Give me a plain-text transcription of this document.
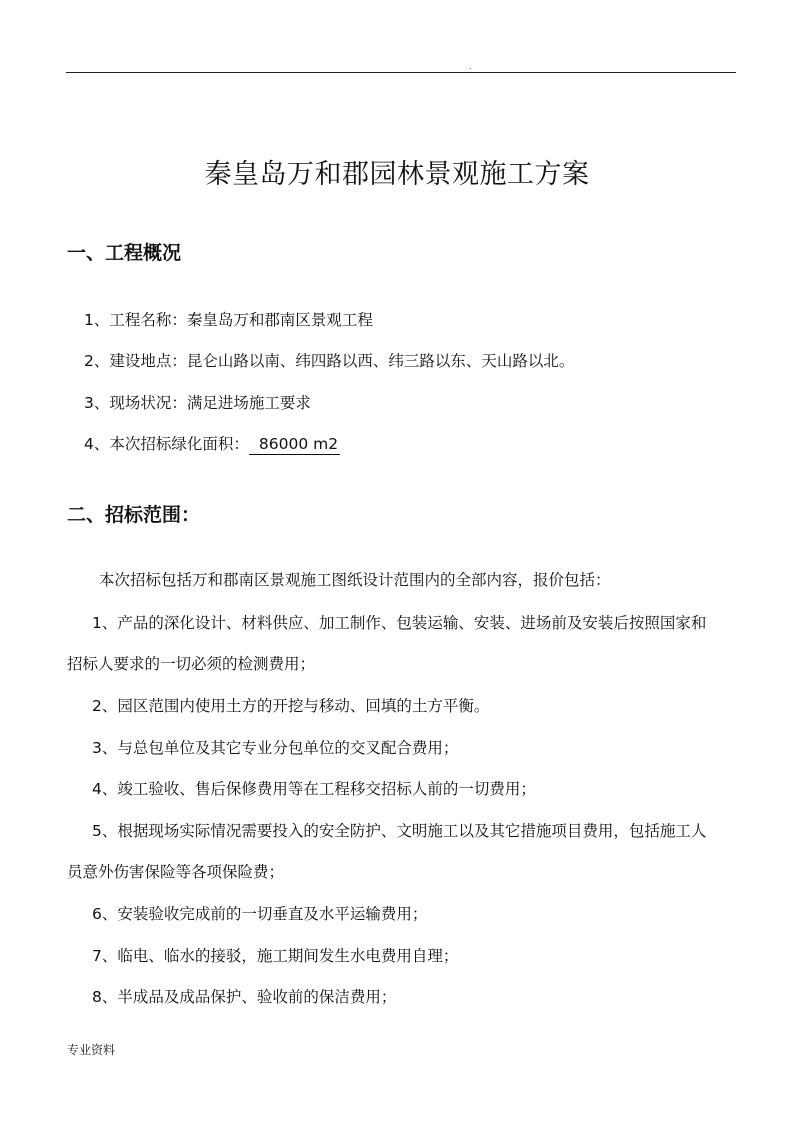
.
秦皇岛万和郡园林景观施工方案
一、工程概况
1、工程名称：秦皇岛万和郡南区景观工程
2、建设地点：昆仑山路以南、纬四路以西、纬三路以东、天山路以北。
3、现场状况：满足进场施工要求
4、本次招标绿化面积： 86000 m2
二、招标范围：
本次招标包括万和郡南区景观施工图纸设计范围内的全部内容，报价包括：
1、产品的深化设计、材料供应、加工制作、包装运输、安装、进场前及安装后按照国家和
招标人要求的一切必须的检测费用；
2、园区范围内使用土方的开挖与移动、回填的土方平衡。
3、与总包单位及其它专业分包单位的交叉配合费用；
4、竣工验收、售后保修费用等在工程移交招标人前的一切费用；
5、根据现场实际情况需要投入的安全防护、文明施工以及其它措施项目费用，包括施工人
员意外伤害保险等各项保险费；
6、安装验收完成前的一切垂直及水平运输费用；
7、临电、临水的接驳，施工期间发生水电费用自理；
8、半成品及成品保护、验收前的保洁费用；
专业资料
